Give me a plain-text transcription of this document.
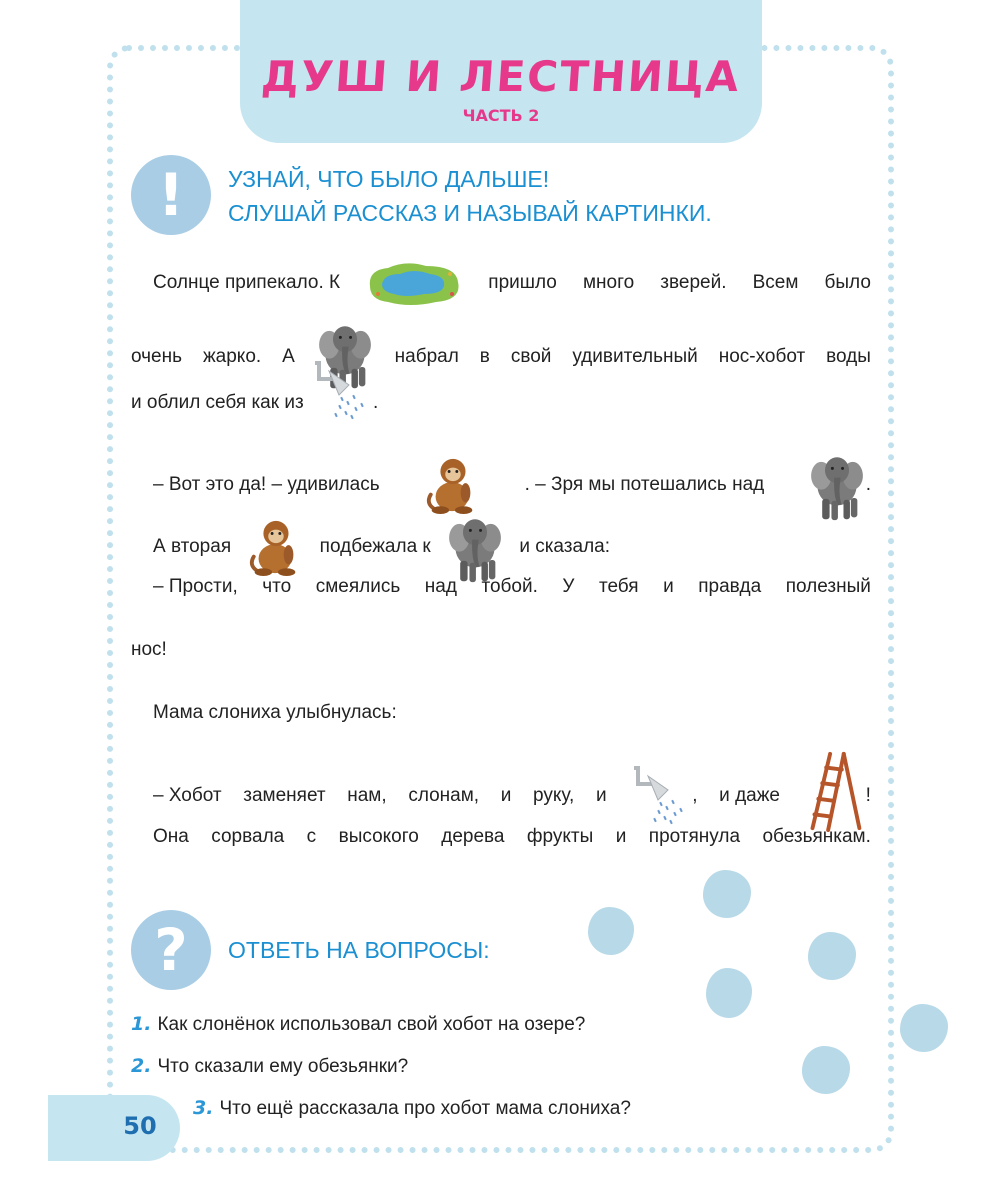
ДУШ И ЛЕСТНИЦА
ЧАСТЬ 2
!	УЗНАЙ, ЧТО БЫЛО ДАЛЬШЕ!
СЛУШАЙ РАССКАЗ И НАЗЫВАЙ КАРТИНКИ.
Солнце припекало. К	пришло много зверей. Всем было
очень жарко. А	набрал в свой удивительный нос-хобот воды
и облил себя как из	.
– Вот это да! – удивилась	. – Зря мы потешались над	.
А вторая	подбежала к	и сказала:
– Прости, что смеялись над тобой. У тебя и правда полезный
нос!
Мама слониха улыбнулась:
– Хобот заменяет нам, слонам, и руку, и	, и даже	!
Она сорвала с высокого дерева фрукты и протянула обезьянкам.
?	ОТВЕТЬ НА ВОПРОСЫ:
1. Как слонёнок использовал свой хобот на озере?
2. Что сказали ему обезьянки?
50
3. Что ещё рассказала про хобот мама слониха?
